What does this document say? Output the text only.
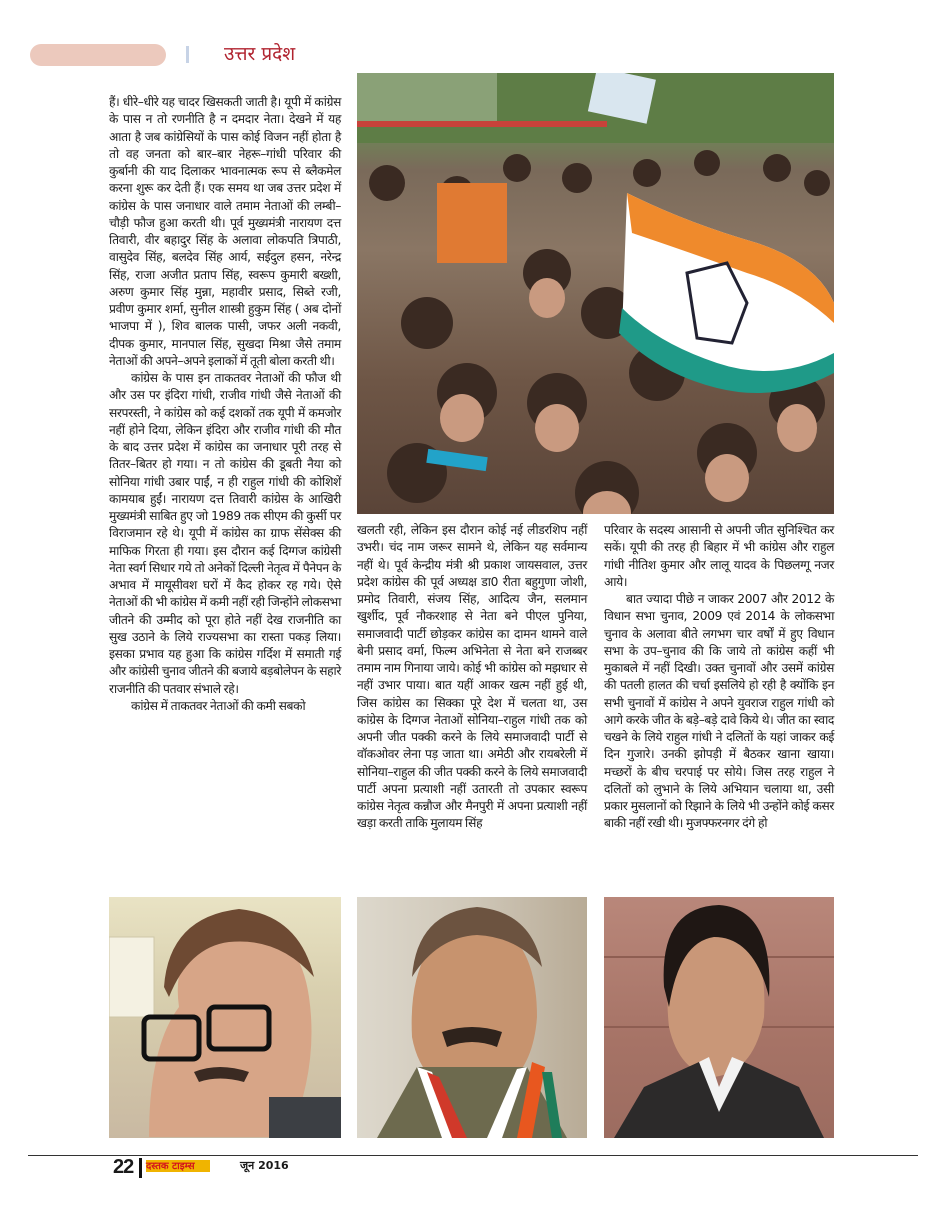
उत्तर प्रदेश

हैं। धीरे–धीरे यह चादर खिसकती जाती है। यूपी में कांग्रेस के पास न तो रणनीति है न दमदार नेता। देखने में यह आता है जब कांग्रेसियों के पास कोई विजन नहीं होता है तो वह जनता को बार–बार नेहरू–गांधी परिवार की कुर्बानी की याद दिलाकर भावनात्मक रूप से ब्लैकमेल करना शुरू कर देती हैं। एक समय था जब उत्तर प्रदेश में कांग्रेस के पास जनाधार वाले तमाम नेताओं की लम्बी–चौड़ी फौज हुआ करती थी। पूर्व मुख्यमंत्री नारायण दत्त तिवारी, वीर बहादुर सिंह के अलावा लोकपति त्रिपाठी, वासुदेव सिंह, बलदेव सिंह आर्य, सईदुल हसन, नरेन्द्र सिंह, राजा अजीत प्रताप सिंह, स्वरूप कुमारी बख्शी, अरुण कुमार सिंह मुन्ना, महावीर प्रसाद, सिब्ते रजी, प्रवीण कुमार शर्मा, सुनील शास्त्री हुकुम सिंह ( अब दोनों भाजपा में ), शिव बालक पासी, जफर अली नकवी, दीपक कुमार, मानपाल सिंह, सुखदा मिश्रा जैसे तमाम नेताओं की अपने–अपने इलाकों में तूती बोला करती थी।

कांग्रेस के पास इन ताकतवर नेताओं की फौज थी और उस पर इंदिरा गांधी, राजीव गांधी जैसे नेताओं की सरपरस्ती, ने कांग्रेस को कई दशकों तक यूपी में कमजोर नहीं होने दिया, लेकिन इंदिरा और राजीव गांधी की मौत के बाद उत्तर प्रदेश में कांग्रेस का जनाधार पूरी तरह से तितर–बितर हो गया। न तो कांग्रेस की डूबती नैया को सोनिया गांधी उबार पाईं, न ही राहुल गांधी की कोशिशें कामयाब हुईं। नारायण दत्त तिवारी कांग्रेस के आखिरी मुख्यमंत्री साबित हुए जो 1989 तक सीएम की कुर्सी पर विराजमान रहे थे। यूपी में कांग्रेस का ग्राफ सेंसेक्स की माफिक गिरता ही गया। इस दौरान कई दिग्गज कांग्रेसी नेता स्वर्ग सिधार गये तो अनेकों दिल्ली नेतृत्व में पैनेपन के अभाव में मायूसीवश घरों में कैद होकर रह गये। ऐसे नेताओं की भी कांग्रेस में कमी नहीं रही जिन्होंने लोकसभा जीतने की उम्मीद को पूरा होते नहीं देख राजनीति का सुख उठाने के लिये राज्यसभा का रास्ता पकड़ लिया। इसका प्रभाव यह हुआ कि कांग्रेस गर्दिश में समाती गई और कांग्रेसी चुनाव जीतने की बजाये बड़बोलेपन के सहारे राजनीति की पतवार संभाले रहे।

कांग्रेस में ताकतवर नेताओं की कमी सबको

खलती रही, लेकिन इस दौरान कोई नई लीडरशिप नहीं उभरी। चंद नाम जरूर सामने थे, लेकिन यह सर्वमान्य नहीं थे। पूर्व केन्द्रीय मंत्री श्री प्रकाश जायसवाल, उत्तर प्रदेश कांग्रेस की पूर्व अध्यक्ष डा0 रीता बहुगुणा जोशी, प्रमोद तिवारी, संजय सिंह, आदित्य जैन, सलमान खुर्शीद, पूर्व नौकरशाह से नेता बने पीएल पुनिया, समाजवादी पार्टी छोड़कर कांग्रेस का दामन थामने वाले बेनी प्रसाद वर्मा, फिल्म अभिनेता से नेता बने राजब्बर तमाम नाम गिनाया जाये। कोई भी कांग्रेस को मझधार से नहीं उभार पाया। बात यहीं आकर खत्म नहीं हुई थी, जिस कांग्रेस का सिक्का पूरे देश में चलता था, उस कांग्रेस के दिग्गज नेताओं सोनिया–राहुल गांधी तक को अपनी जीत पक्की करने के लिये समाजवादी पार्टी से वॉकओवर लेना पड़ जाता था। अमेठी और रायबरेली में सोनिया–राहुल की जीत पक्की करने के लिये समाजवादी पार्टी अपना प्रत्याशी नहीं उतारती तो उपकार स्वरूप कांग्रेस नेतृत्व कन्नौज और मैनपुरी में अपना प्रत्याशी नहीं खड़ा करती ताकि मुलायम सिंह

परिवार के सदस्य आसानी से अपनी जीत सुनिश्चित कर सकें। यूपी की तरह ही बिहार में भी कांग्रेस और राहुल गांधी नीतिश कुमार और लालू यादव के पिछलग्गू नजर आये।

बात ज्यादा पीछे न जाकर 2007 और 2012 के विधान सभा चुनाव, 2009 एवं 2014 के लोकसभा चुनाव के अलावा बीते लगभग चार वर्षों में हुए विधान सभा के उप–चुनाव की कि जाये तो कांग्रेस कहीं भी मुकाबले में नहीं दिखी। उक्त चुनावों और उसमें कांग्रेस की पतली हालत की चर्चा इसलिये हो रही है क्योंकि इन सभी चुनावों में कांग्रेस ने अपने युवराज राहुल गांधी को आगे करके जीत के बड़े–बड़े दावे किये थे। जीत का स्वाद चखने के लिये राहुल गांधी ने दलितों के यहां जाकर कई दिन गुजारे। उनकी झोपड़ी में बैठकर खाना खाया। मच्छरों के बीच चरपाई पर सोये। जिस तरह राहुल ने दलितों को लुभाने के लिये अभियान चलाया था, उसी प्रकार मुसलानों को रिझाने के लिये भी उन्होंने कोई कसर बाकी नहीं रखी थी। मुजफ्फरनगर दंगे हो

22 दस्तक टाइम्स	जून 2016
